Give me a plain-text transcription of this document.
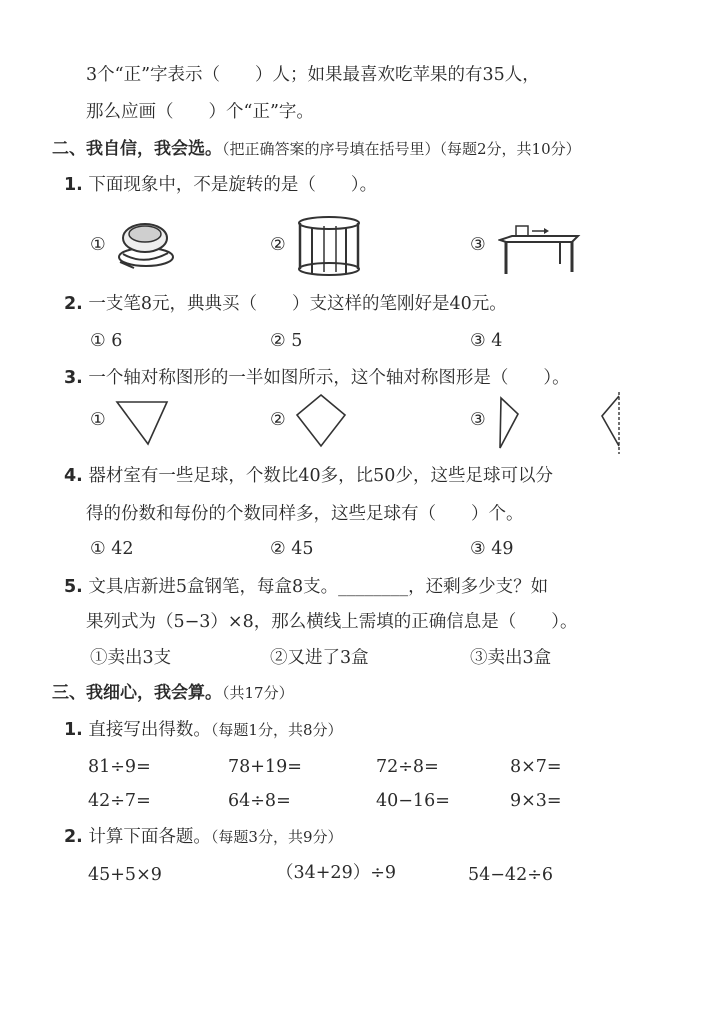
3个“正”字表示（　　）人；如果最喜欢吃苹果的有35人，
那么应画（　　）个“正”字。
二、我自信，我会选。（把正确答案的序号填在括号里）（每题2分，共10分）
1. 下面现象中，不是旋转的是（　　）。
①	②	③
2. 一支笔8元，典典买（　　）支这样的笔刚好是40元。
① 6	② 5	③ 4
3. 一个轴对称图形的一半如图所示，这个轴对称图形是（　　）。
①	②	③
4. 器材室有一些足球，个数比40多，比50少，这些足球可以分
得的份数和每份的个数同样多，这些足球有（　　）个。
① 42	② 45	③ 49
5. 文具店新进5盒钢笔，每盒8支。________，还剩多少支？如
果列式为（5−3）×8，那么横线上需填的正确信息是（　　）。
①卖出3支	②又进了3盒	③卖出3盒
三、我细心，我会算。（共17分）
1. 直接写出得数。（每题1分，共8分）
81÷9=	78+19=	72÷8=	8×7=
42÷7=	64÷8=	40−16=	9×3=
2. 计算下面各题。（每题3分，共9分）
45+5×9	（34+29）÷9	54−42÷6
